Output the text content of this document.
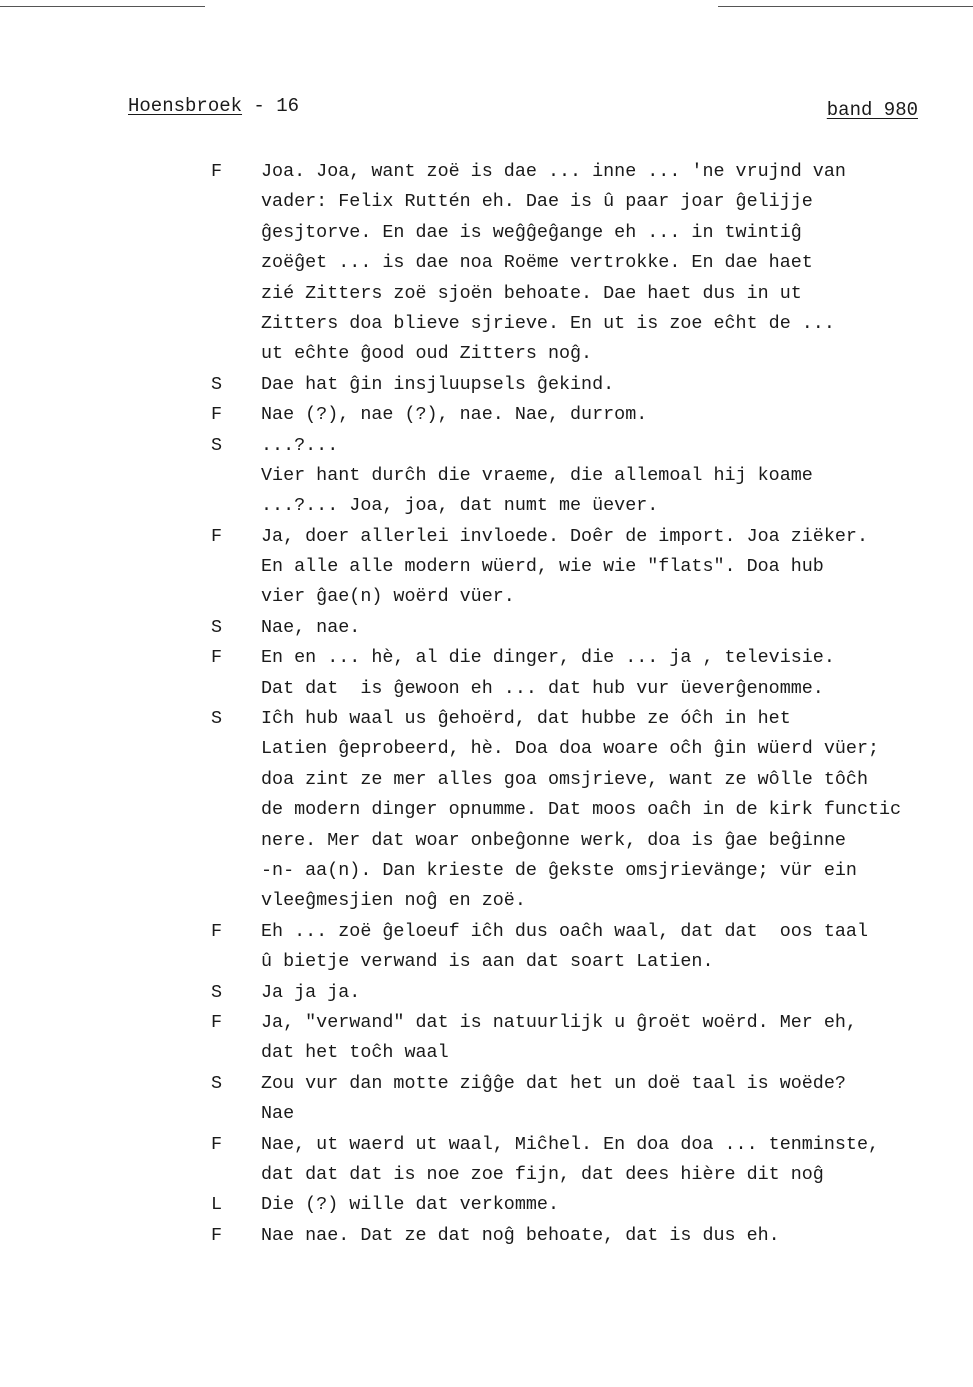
Hoensbroek - 16	band 980
F	Joa. Joa, want zoë is dae ... inne ... 'ne vrujnd van
vader: Felix Ruttén eh. Dae is û paar joar ĝelijje
ĝesjtorve. En dae is weĝĝeĝange eh ... in twintiĝ
zoëĝet ... is dae noa Roëme vertrokke. En dae haet
zié Zitters zoë sjoën behoate. Dae haet dus in ut
Zitters doa blieve sjrieve. En ut is zoe eĉht de ...
ut eĉhte ĝood oud Zitters noĝ.
S	Dae hat ĝin insjluupsels ĝekind.
F	Nae (?), nae (?), nae. Nae, durrom.
S	...?...
Vier hant durĉh die vraeme, die allemoal hij koame
...?... Joa, joa, dat numt me üever.
F	Ja, doer allerlei invloede. Doêr de import. Joa ziëker.
En alle alle modern wüerd, wie wie "flats". Doa hub
vier ĝae(n) woërd vüer.
S	Nae, nae.
F	En en ... hè, al die dinger, die ... ja , televisie.
Dat dat  is ĝewoon eh ... dat hub vur üeverĝenomme.
S	Iĉh hub waal us ĝehoërd, dat hubbe ze óĉh in het
Latien ĝeprobeerd, hè. Doa doa woare oĉh ĝin wüerd vüer;
doa zint ze mer alles goa omsjrieve, want ze wôlle tôĉh
de modern dinger opnumme. Dat moos oaĉh in de kirk functic
nere. Mer dat woar onbeĝonne werk, doa is ĝae beĝinne
-n- aa(n). Dan krieste de ĝekste omsjrievänge; vür ein
vleeĝmesjien noĝ en zoë.
F	Eh ... zoë ĝeloeuf iĉh dus oaĉh waal, dat dat  oos taal
û bietje verwand is aan dat soart Latien.
S	Ja ja ja.
F	Ja, "verwand" dat is natuurlijk u ĝroët woërd. Mer eh,
dat het toĉh waal
S	Zou vur dan motte ziĝĝe dat het un doë taal is woëde?
Nae
F	Nae, ut waerd ut waal, Miĉhel. En doa doa ... tenminste,
dat dat dat is noe zoe fijn, dat dees hière dit noĝ
L	Die (?) wille dat verkomme.
F	Nae nae. Dat ze dat noĝ behoate, dat is dus eh.
